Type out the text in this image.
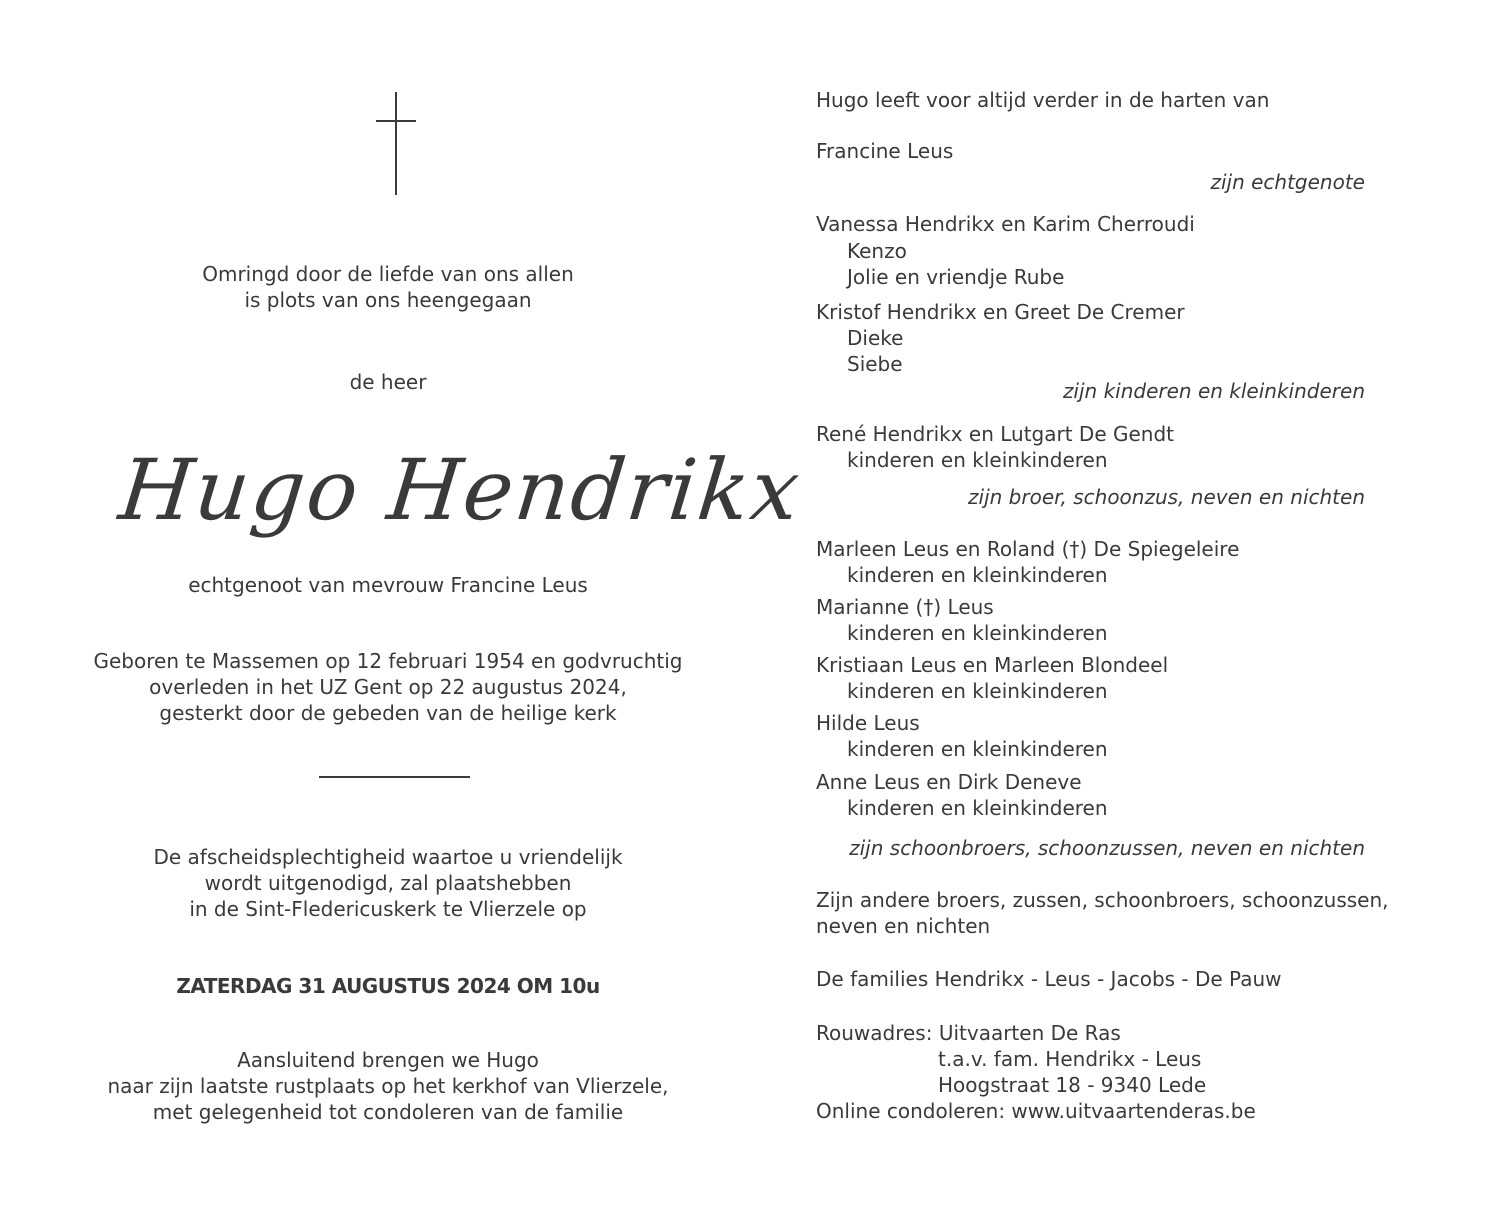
Omringd door de liefde van ons allen

is plots van ons heengegaan

de heer

Hugo Hendrikx

echtgenoot van mevrouw Francine Leus

Geboren te Massemen op 12 februari 1954 en godvruchtig

overleden in het UZ Gent op 22 augustus 2024,

gesterkt door de gebeden van de heilige kerk

De afscheidsplechtigheid waartoe u vriendelijk

wordt uitgenodigd, zal plaatshebben

in de Sint-Fledericuskerk te Vlierzele op

ZATERDAG 31 AUGUSTUS 2024 OM 10u

Aansluitend brengen we Hugo

naar zijn laatste rustplaats op het kerkhof van Vlierzele,

met gelegenheid tot condoleren van de familie

Hugo leeft voor altijd verder in de harten van

Francine Leus

zijn echtgenote

Vanessa Hendrikx en Karim Cherroudi

Kenzo

Jolie en vriendje Rube

Kristof Hendrikx en Greet De Cremer

Dieke

Siebe

zijn kinderen en kleinkinderen

René Hendrikx en Lutgart De Gendt

kinderen en kleinkinderen

zijn broer, schoonzus, neven en nichten

Marleen Leus en Roland (†) De Spiegeleire

kinderen en kleinkinderen

Marianne (†) Leus

kinderen en kleinkinderen

Kristiaan Leus en Marleen Blondeel

kinderen en kleinkinderen

Hilde Leus

kinderen en kleinkinderen

Anne Leus en Dirk Deneve

kinderen en kleinkinderen

zijn schoonbroers, schoonzussen, neven en nichten

Zijn andere broers, zussen, schoonbroers, schoonzussen,

neven en nichten

De families Hendrikx - Leus - Jacobs - De Pauw

Rouwadres: Uitvaarten De Ras

t.a.v. fam. Hendrikx - Leus

Hoogstraat 18 - 9340 Lede

Online condoleren: www.uitvaartenderas.be
